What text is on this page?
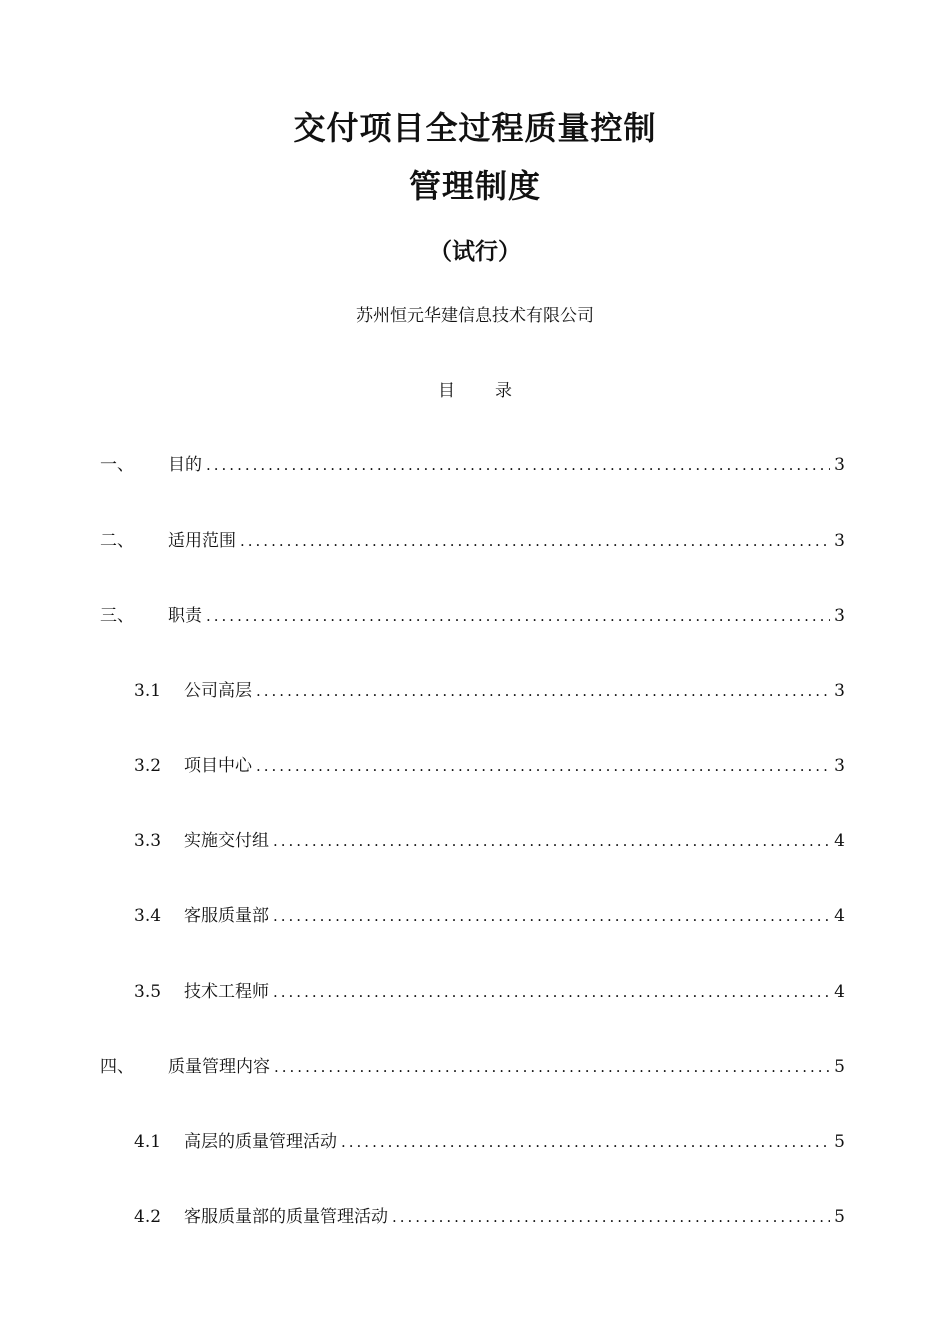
交付项目全过程质量控制
管理制度
（试行）
苏州恒元华建信息技术有限公司
目 录
一、	目的 .....	3
二、	适用范围 .....	3
三、	职责 .....	3
3.1	公司高层 .....	3
3.2	项目中心 .....	3
3.3	实施交付组 .....	4
3.4	客服质量部 .....	4
3.5	技术工程师 .....	4
四、	质量管理内容 .....	5
4.1	高层的质量管理活动 .....	5
4.2	客服质量部的质量管理活动 .....	5
